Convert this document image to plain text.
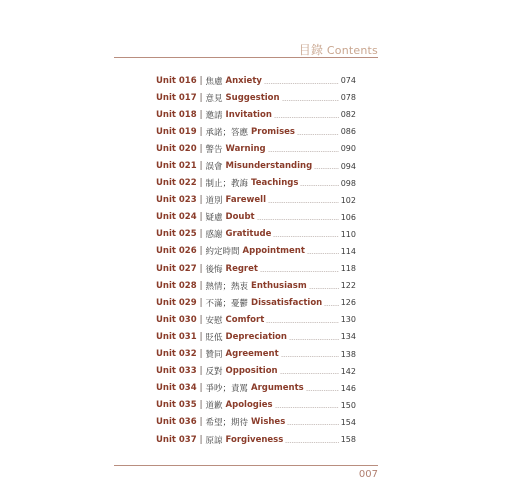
目錄 Contents
Unit 016 | 焦慮 Anxiety	074
Unit 017 | 意見 Suggestion	078
Unit 018 | 邀請 Invitation	082
Unit 019 | 承諾；答應 Promises	086
Unit 020 | 警告 Warning	090
Unit 021 | 誤會 Misunderstanding	094
Unit 022 | 制止；教誨 Teachings	098
Unit 023 | 道別 Farewell	102
Unit 024 | 疑慮 Doubt	106
Unit 025 | 感謝 Gratitude	110
Unit 026 | 約定時間 Appointment	114
Unit 027 | 後悔 Regret	118
Unit 028 | 熱情；熱衷 Enthusiasm	122
Unit 029 | 不滿；憂鬱 Dissatisfaction 126
Unit 030 | 安慰 Comfort	130
Unit 031 | 貶低 Depreciation	134
Unit 032 | 贊同 Agreement	138
Unit 033 | 反對 Opposition	142
Unit 034 | 爭吵；責罵 Arguments	146
Unit 035 | 道歉 Apologies	150
Unit 036 | 希望；期待 Wishes	154
Unit 037 | 原諒 Forgiveness	158
007
